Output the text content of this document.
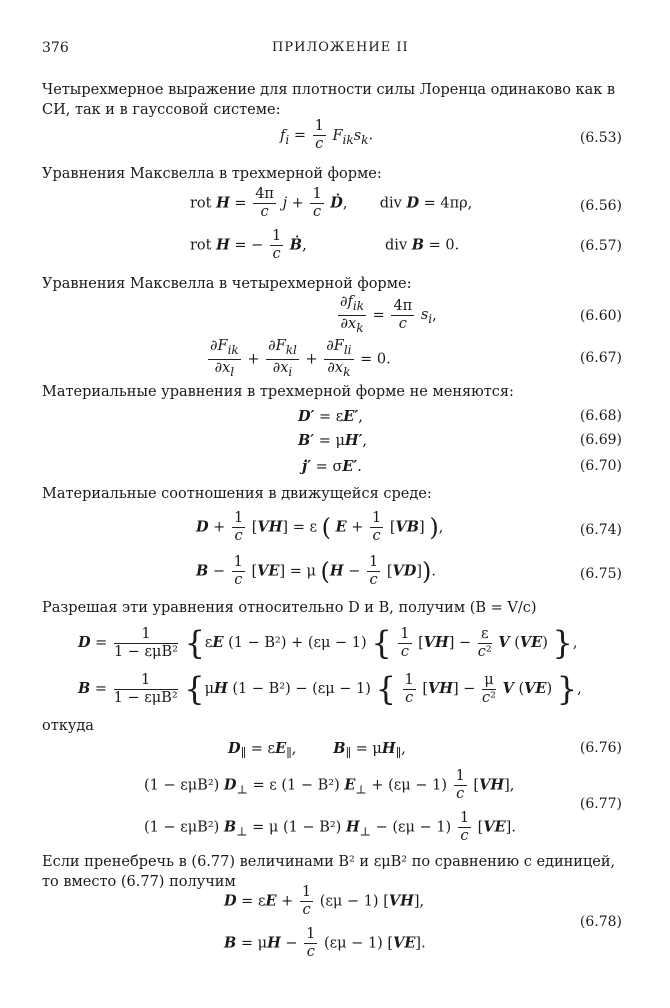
376	ПРИЛОЖЕНИЕ II
Четырехмерное выражение для плотности силы Лоренца одинаково как в СИ, так и в гауссовой системе:
$f_i = \frac{1}{c} F_{ik}s_k$.	(6.53)
Уравнения Максвелла в трехмерной форме:
rot $H = \frac{4\pi}{c}$ $j + \frac{1}{c}$ Ḋ,       div D = 4πρ,	(6.56)
rot H = − $\frac{1}{c}$ Ḃ,                 div B = 0.	(6.57)
Уравнения Максвелла в четырехмерной форме:
$\frac{\partial f_{ik}}{\partial x_k} = \frac{4\pi}{c} s_i$,	(6.60)
$\frac{\partial F_{ik}}{\partial x_l} + \frac{\partial F_{kl}}{\partial x_i} + \frac{\partial F_{li}}{\partial x_k} = 0$.	(6.67)
Материальные уравнения в трехмерной форме не меняются:
D′ = εE′,	(6.68)
B′ = μH′,	(6.69)
j′ = σE′.	(6.70)
Материальные соотношения в движущейся среде:
$D + \frac{1}{c} [VH] = \varepsilon$ ( $E + \frac{1}{c} [VB]$ ),	(6.74)
$B - \frac{1}{c} [VE] = \mu$ $(H - \frac{1}{c} [VD])$.	(6.75)
Разрешая эти уравнения относительно D и B, получим (B = V/c)
$D = \frac{1}{\text{1 − εμB²}} \{\varepsilon E$ (1 − B²) + (εμ − 1) { $\frac{1}{c} [VH] - \frac{\varepsilon}{\text{c²}}$ V (VE) },
$B = \frac{1}{\text{1 − εμB²}} \{\mu H$ (1 − B²) − (εμ − 1) { $\frac{1}{c} [VH] - \frac{\mu}{\text{c²}}$ V (VE) },
откуда
$D_\parallel = \varepsilon E_\parallel$,        $B_\parallel = \mu H_\parallel$,	(6.76)
(1 − εμB²) $D_\perp = \varepsilon$ (1 − B²) $E_\perp + (\varepsilon\mu - 1) \frac{1}{c} [VH]$,
(1 − εμB²) $B_\perp = \mu$ (1 − B²) $H_\perp - (\varepsilon\mu - 1) \frac{1}{c} [VE]$.
(6.77)
Если пренебречь в (6.77) величинами B² и εμB² по сравнению с единицей, то вместо (6.77) получим
$D = \varepsilon E + \frac{1}{c} (\varepsilon\mu - 1)$ [VH],
$B = \mu H - \frac{1}{c} (\varepsilon\mu - 1)$ [VE].
(6.78)
